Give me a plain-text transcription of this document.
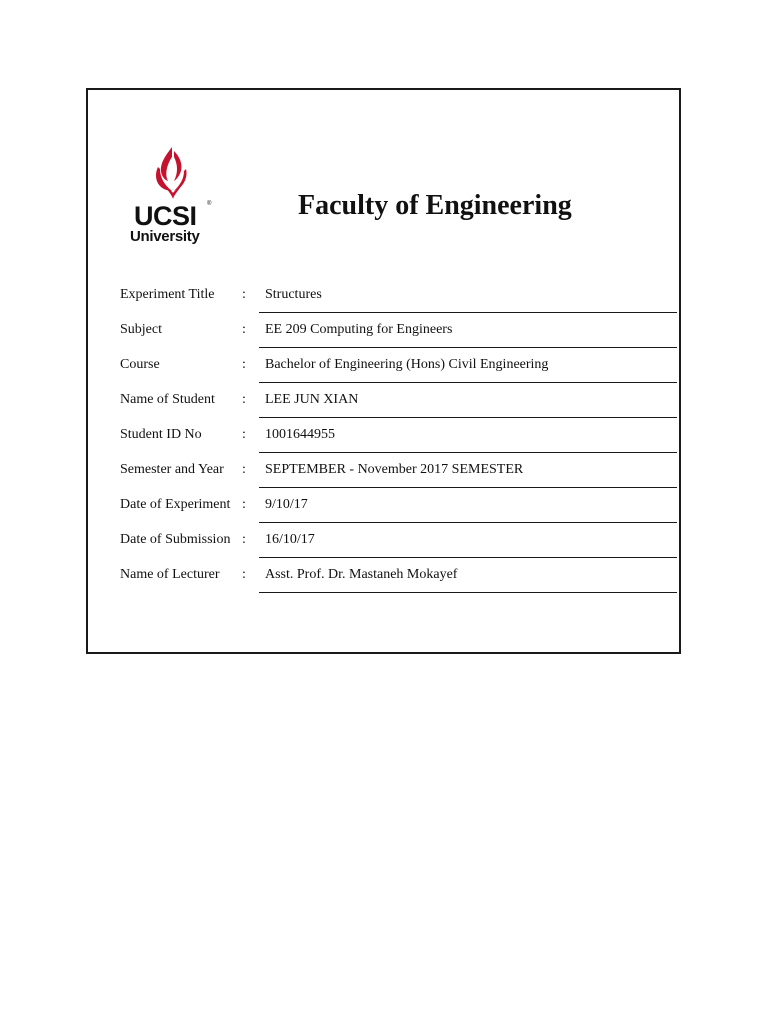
UCSI ®
University
Faculty of Engineering
Experiment Title : Structures
Subject	: EE 209 Computing for Engineers
Course	: Bachelor of Engineering (Hons) Civil Engineering
Name of Student : LEE JUN XIAN
Student ID No	: 1001644955
Semester and Year : SEPTEMBER - November 2017 SEMESTER
Date of Experiment : 9/10/17
Date of Submission : 16/10/17
Name of Lecturer : Asst. Prof. Dr. Mastaneh Mokayef
